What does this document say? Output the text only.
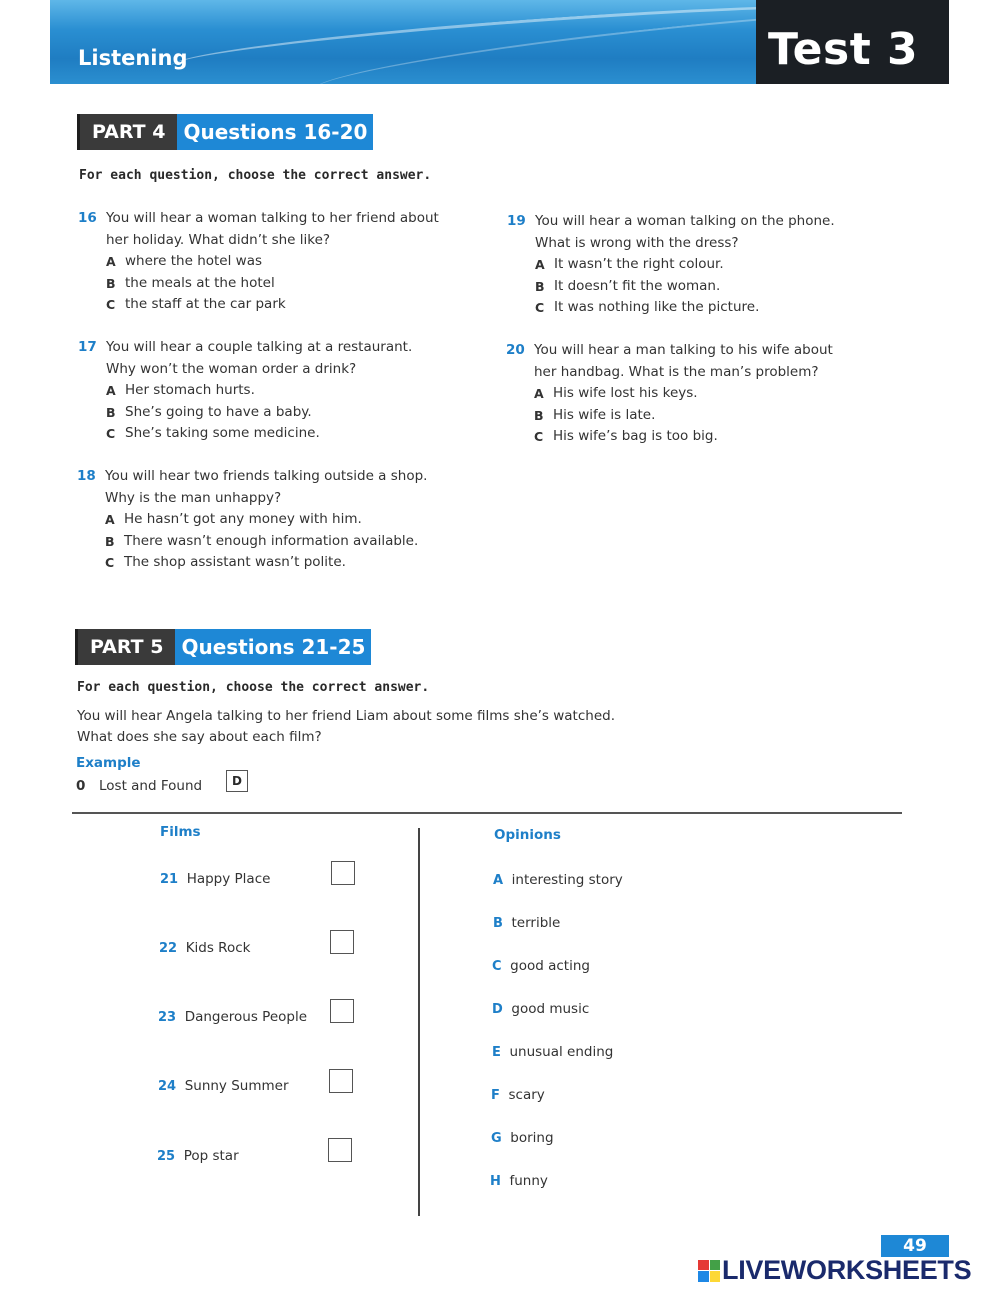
Listening	Test 3
PART 4 Questions 16-20
For each question, choose the correct answer.
16 You will hear a woman talking to her friend about
her holiday. What didn’t she like?
A where the hotel was
B the meals at the hotel
C the staff at the car park
17 You will hear a couple talking at a restaurant.
Why won’t the woman order a drink?
A Her stomach hurts.
B She’s going to have a baby.
C She’s taking some medicine.
18 You will hear two friends talking outside a shop.
Why is the man unhappy?
A He hasn’t got any money with him.
B There wasn’t enough information available.
C The shop assistant wasn’t polite.
19 You will hear a woman talking on the phone.
What is wrong with the dress?
A It wasn’t the right colour.
B It doesn’t fit the woman.
C It was nothing like the picture.
20 You will hear a man talking to his wife about
her handbag. What is the man’s problem?
A His wife lost his keys.
B His wife is late.
C His wife’s bag is too big.
PART 5 Questions 21-25
For each question, choose the correct answer.
You will hear Angela talking to her friend Liam about some films she’s watched.
What does she say about each film?
Example
0 Lost and Found	D
Films	Opinions
21 Happy Place
22 Kids Rock
23 Dangerous People
24 Sunny Summer
25 Pop star
A interesting story
B terrible
C good acting
D good music
E unusual ending
F scary
G boring
H funny
49
LIVEWORKSHEETS
